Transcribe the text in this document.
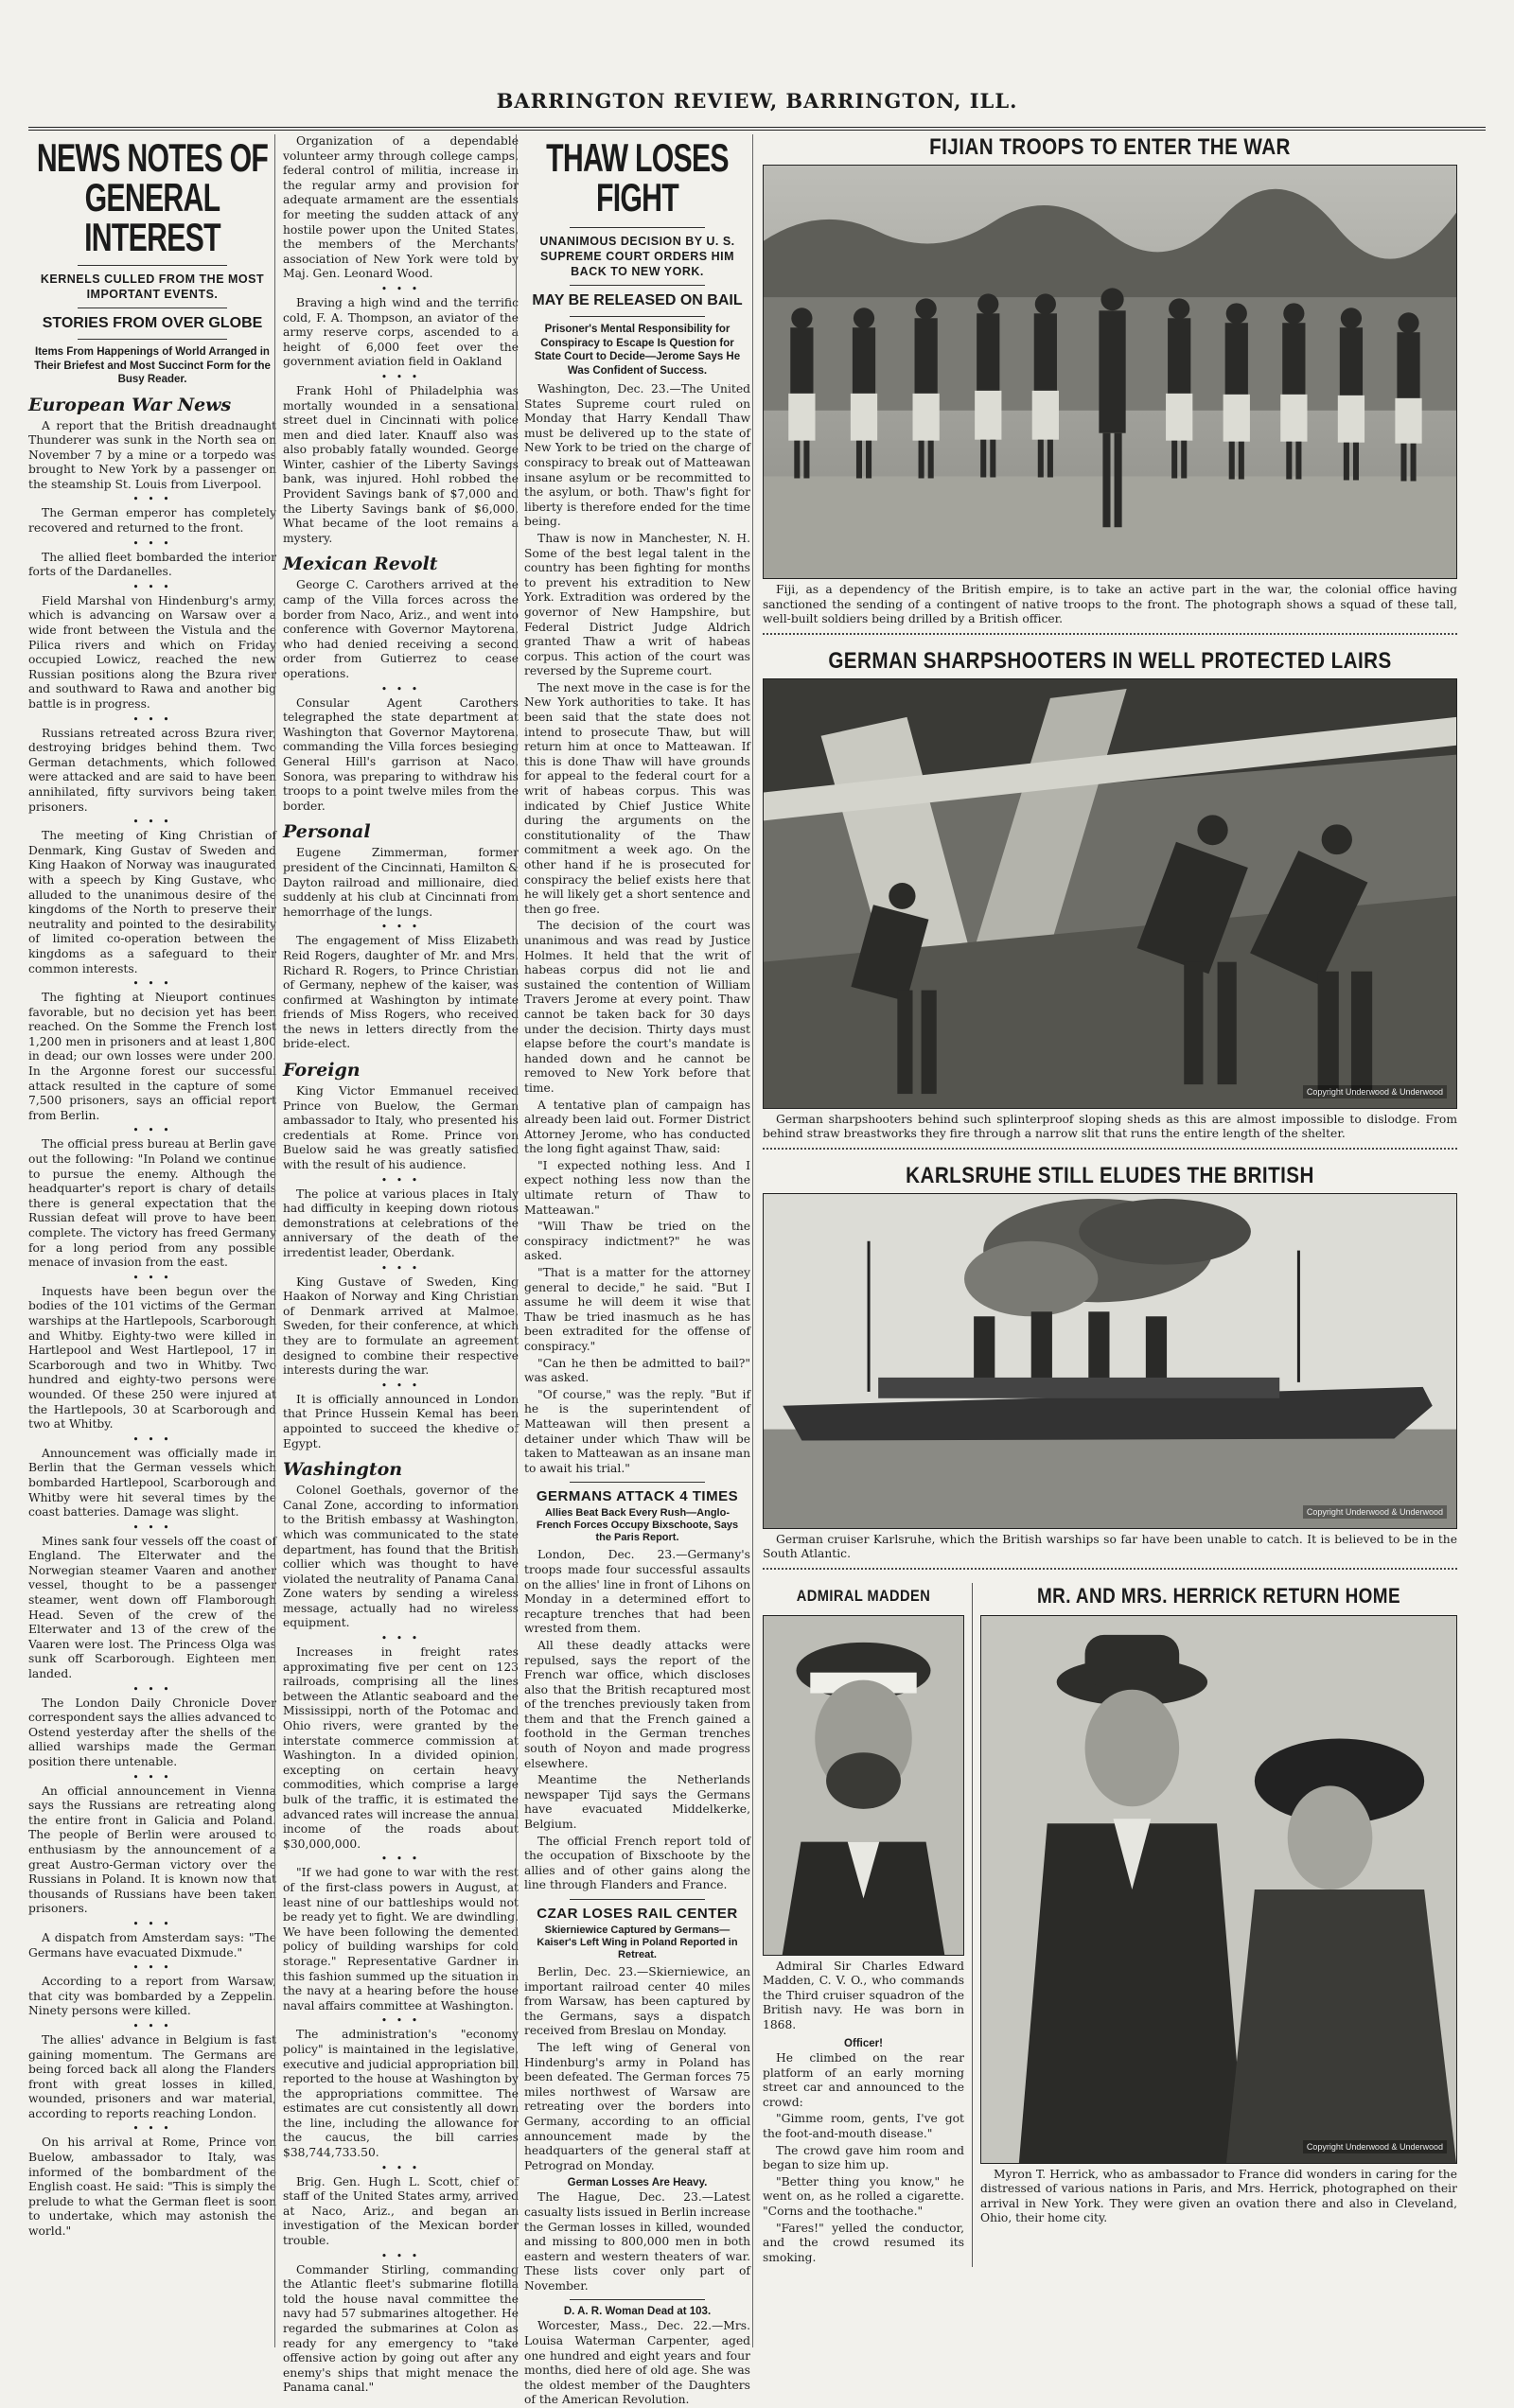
BARRINGTON REVIEW, BARRINGTON, ILL.
NEWS NOTES OF GENERAL INTEREST
KERNELS CULLED FROM THE MOST IMPORTANT EVENTS.
STORIES FROM OVER GLOBE
Items From Happenings of World Arranged in Their Briefest and Most Succinct Form for the Busy Reader.
European War News
A report that the British dreadnaught Thunderer was sunk in the North sea on November 7 by a mine or a torpedo was brought to New York by a passenger on the steamship St. Louis from Liverpool.
• • •
The German emperor has completely recovered and returned to the front.
• • •
The allied fleet bombarded the interior forts of the Dardanelles.
• • •
Field Marshal von Hindenburg's army, which is advancing on Warsaw over a wide front between the Vistula and the Pilica rivers and which on Friday occupied Lowicz, reached the new Russian positions along the Bzura river and southward to Rawa and another big battle is in progress.
• • •
Russians retreated across Bzura river, destroying bridges behind them. Two German detachments, which followed were attacked and are said to have been annihilated, fifty survivors being taken prisoners.
• • •
The meeting of King Christian of Denmark, King Gustav of Sweden and King Haakon of Norway was inaugurated with a speech by King Gustave, who alluded to the unanimous desire of the kingdoms of the North to preserve their neutrality and pointed to the desirability of limited co-operation between the kingdoms as a safeguard to their common interests.
• • •
The fighting at Nieuport continues favorable, but no decision yet has been reached. On the Somme the French lost 1,200 men in prisoners and at least 1,800 in dead; our own losses were under 200. In the Argonne forest our successful attack resulted in the capture of some 7,500 prisoners, says an official report from Berlin.
• • •
The official press bureau at Berlin gave out the following: "In Poland we continue to pursue the enemy. Although the headquarter's report is chary of details there is general expectation that the Russian defeat will prove to have been complete. The victory has freed Germany for a long period from any possible menace of invasion from the east.
• • •
Inquests have been begun over the bodies of the 101 victims of the German warships at the Hartlepools, Scarborough and Whitby. Eighty-two were killed in Hartlepool and West Hartlepool, 17 in Scarborough and two in Whitby. Two hundred and eighty-two persons were wounded. Of these 250 were injured at the Hartlepools, 30 at Scarborough and two at Whitby.
• • •
Announcement was officially made in Berlin that the German vessels which bombarded Hartlepool, Scarborough and Whitby were hit several times by the coast batteries. Damage was slight.
• • •
Mines sank four vessels off the coast of England. The Elterwater and the Norwegian steamer Vaaren and another vessel, thought to be a passenger steamer, went down off Flamborough Head. Seven of the crew of the Elterwater and 13 of the crew of the Vaaren were lost. The Princess Olga was sunk off Scarborough. Eighteen men landed.
• • •
The London Daily Chronicle Dover correspondent says the allies advanced to Ostend yesterday after the shells of the allied warships made the German position there untenable.
• • •
An official announcement in Vienna says the Russians are retreating along the entire front in Galicia and Poland. The people of Berlin were aroused to enthusiasm by the announcement of a great Austro-German victory over the Russians in Poland. It is known now that thousands of Russians have been taken prisoners.
• • •
A dispatch from Amsterdam says: "The Germans have evacuated Dixmude."
• • •
According to a report from Warsaw, that city was bombarded by a Zeppelin. Ninety persons were killed.
• • •
The allies' advance in Belgium is fast gaining momentum. The Germans are being forced back all along the Flanders front with great losses in killed, wounded, prisoners and war material, according to reports reaching London.
• • •
On his arrival at Rome, Prince von Buelow, ambassador to Italy, was informed of the bombardment of the English coast. He said: "This is simply the prelude to what the German fleet is soon to undertake, which may astonish the world."
Organization of a dependable volunteer army through college camps, federal control of militia, increase in the regular army and provision for adequate armament are the essentials for meeting the sudden attack of any hostile power upon the United States, the members of the Merchants' association of New York were told by Maj. Gen. Leonard Wood.
• • •
Braving a high wind and the terrific cold, F. A. Thompson, an aviator of the army reserve corps, ascended to a height of 6,000 feet over the government aviation field in Oakland
• • •
Frank Hohl of Philadelphia was mortally wounded in a sensational street duel in Cincinnati with police men and died later. Knauff also was also probably fatally wounded. George Winter, cashier of the Liberty Savings bank, was injured. Hohl robbed the Provident Savings bank of $7,000 and the Liberty Savings bank of $6,000. What became of the loot remains a mystery.
Mexican Revolt
George C. Carothers arrived at the camp of the Villa forces across the border from Naco, Ariz., and went into conference with Governor Maytorena, who had denied receiving a second order from Gutierrez to cease operations.
• • •
Consular Agent Carothers telegraphed the state department at Washington that Governor Maytorena, commanding the Villa forces besieging General Hill's garrison at Naco, Sonora, was preparing to withdraw his troops to a point twelve miles from the border.
Personal
Eugene Zimmerman, former president of the Cincinnati, Hamilton & Dayton railroad and millionaire, died suddenly at his club at Cincinnati from hemorrhage of the lungs.
• • •
The engagement of Miss Elizabeth Reid Rogers, daughter of Mr. and Mrs. Richard R. Rogers, to Prince Christian of Germany, nephew of the kaiser, was confirmed at Washington by intimate friends of Miss Rogers, who received the news in letters directly from the bride-elect.
Foreign
King Victor Emmanuel received Prince von Buelow, the German ambassador to Italy, who presented his credentials at Rome. Prince von Buelow said he was greatly satisfied with the result of his audience.
• • •
The police at various places in Italy had difficulty in keeping down riotous demonstrations at celebrations of the anniversary of the death of the irredentist leader, Oberdank.
• • •
King Gustave of Sweden, King Haakon of Norway and King Christian of Denmark arrived at Malmoe, Sweden, for their conference, at which they are to formulate an agreement designed to combine their respective interests during the war.
• • •
It is officially announced in London that Prince Hussein Kemal has been appointed to succeed the khedive of Egypt.
Washington
Colonel Goethals, governor of the Canal Zone, according to information to the British embassy at Washington, which was communicated to the state department, has found that the British collier which was thought to have violated the neutrality of Panama Canal Zone waters by sending a wireless message, actually had no wireless equipment.
• • •
Increases in freight rates approximating five per cent on 123 railroads, comprising all the lines between the Atlantic seaboard and the Mississippi, north of the Potomac and Ohio rivers, were granted by the interstate commerce commission at Washington. In a divided opinion, excepting on certain heavy commodities, which comprise a large bulk of the traffic, it is estimated the advanced rates will increase the annual income of the roads about $30,000,000.
• • •
"If we had gone to war with the rest of the first-class powers in August, at least nine of our battleships would not be ready yet to fight. We are dwindling. We have been following the demented policy of building warships for cold storage." Representative Gardner in this fashion summed up the situation in the navy at a hearing before the house naval affairs committee at Washington.
• • •
The administration's "economy policy" is maintained in the legislative, executive and judicial appropriation bill reported to the house at Washington by the appropriations committee. The estimates are cut consistently all down the line, including the allowance for the caucus, the bill carries $38,744,733.50.
• • •
Brig. Gen. Hugh L. Scott, chief of staff of the United States army, arrived at Naco, Ariz., and began an investigation of the Mexican border trouble.
• • •
Commander Stirling, commanding the Atlantic fleet's submarine flotilla told the house naval committee the navy had 57 submarines altogether. He regarded the submarines at Colon as ready for any emergency to "take offensive action by going out after any enemy's ships that might menace the Panama canal."
THAW LOSES FIGHT
UNANIMOUS DECISION BY U. S. SUPREME COURT ORDERS HIM BACK TO NEW YORK.
MAY BE RELEASED ON BAIL
Prisoner's Mental Responsibility for Conspiracy to Escape Is Question for State Court to Decide—Jerome Says He Was Confident of Success.
Washington, Dec. 23.—The United States Supreme court ruled on Monday that Harry Kendall Thaw must be delivered up to the state of New York to be tried on the charge of conspiracy to break out of Matteawan insane asylum or be recommitted to the asylum, or both. Thaw's fight for liberty is therefore ended for the time being.
Thaw is now in Manchester, N. H. Some of the best legal talent in the country has been fighting for months to prevent his extradition to New York. Extradition was ordered by the governor of New Hampshire, but Federal District Judge Aldrich granted Thaw a writ of habeas corpus. This action of the court was reversed by the Supreme court.
The next move in the case is for the New York authorities to take. It has been said that the state does not intend to prosecute Thaw, but will return him at once to Matteawan. If this is done Thaw will have grounds for appeal to the federal court for a writ of habeas corpus. This was indicated by Chief Justice White during the arguments on the constitutionality of the Thaw commitment a week ago. On the other hand if he is prosecuted for conspiracy the belief exists here that he will likely get a short sentence and then go free.
The decision of the court was unanimous and was read by Justice Holmes. It held that the writ of habeas corpus did not lie and sustained the contention of William Travers Jerome at every point. Thaw cannot be taken back for 30 days under the decision. Thirty days must elapse before the court's mandate is handed down and he cannot be removed to New York before that time.
A tentative plan of campaign has already been laid out. Former District Attorney Jerome, who has conducted the long fight against Thaw, said:
"I expected nothing less. And I expect nothing less now than the ultimate return of Thaw to Matteawan."
"Will Thaw be tried on the conspiracy indictment?" he was asked.
"That is a matter for the attorney general to decide," he said. "But I assume he will deem it wise that Thaw be tried inasmuch as he has been extradited for the offense of conspiracy."
"Can he then be admitted to bail?" was asked.
"Of course," was the reply. "But if he is the superintendent of Matteawan will then present a detainer under which Thaw will be taken to Matteawan as an insane man to await his trial."
GERMANS ATTACK 4 TIMES
Allies Beat Back Every Rush—Anglo-French Forces Occupy Bixschoote, Says the Paris Report.
London, Dec. 23.—Germany's troops made four successful assaults on the allies' line in front of Lihons on Monday in a determined effort to recapture trenches that had been wrested from them.
All these deadly attacks were repulsed, says the report of the French war office, which discloses also that the British recaptured most of the trenches previously taken from them and that the French gained a foothold in the German trenches south of Noyon and made progress elsewhere.
Meantime the Netherlands newspaper Tijd says the Germans have evacuated Middelkerke, Belgium.
The official French report told of the occupation of Bixschoote by the allies and of other gains along the line through Flanders and France.
CZAR LOSES RAIL CENTER
Skierniewice Captured by Germans—Kaiser's Left Wing in Poland Reported in Retreat.
Berlin, Dec. 23.—Skierniewice, an important railroad center 40 miles from Warsaw, has been captured by the Germans, says a dispatch received from Breslau on Monday.
The left wing of General von Hindenburg's army in Poland has been defeated. The German forces 75 miles northwest of Warsaw are retreating over the borders into Germany, according to an official announcement made by the headquarters of the general staff at Petrograd on Monday.
German Losses Are Heavy.
The Hague, Dec. 23.—Latest casualty lists issued in Berlin increase the German losses in killed, wounded and missing to 800,000 men in both eastern and western theaters of war. These lists cover only part of November.
D. A. R. Woman Dead at 103.
Worcester, Mass., Dec. 22.—Mrs. Louisa Waterman Carpenter, aged one hundred and eight years and four months, died here of old age. She was the oldest member of the Daughters of the American Revolution.
FIJIAN TROOPS TO ENTER THE WAR
Fiji, as a dependency of the British empire, is to take an active part in the war, the colonial office having sanctioned the sending of a contingent of native troops to the front. The photograph shows a squad of these tall, well-built soldiers being drilled by a British officer.
GERMAN SHARPSHOOTERS IN WELL PROTECTED LAIRS
Copyright Underwood & Underwood
German sharpshooters behind such splinterproof sloping sheds as this are almost impossible to dislodge. From behind straw breastworks they fire through a narrow slit that runs the entire length of the shelter.
KARLSRUHE STILL ELUDES THE BRITISH
Copyright Underwood & Underwood
German cruiser Karlsruhe, which the British warships so far have been unable to catch. It is believed to be in the South Atlantic.
ADMIRAL MADDEN
Admiral Sir Charles Edward Madden, C. V. O., who commands the Third cruiser squadron of the British navy. He was born in 1868.
Officer!
He climbed on the rear platform of an early morning street car and announced to the crowd:
"Gimme room, gents, I've got the foot-and-mouth disease."
The crowd gave him room and began to size him up.
"Better thing you know," he went on, as he rolled a cigarette. "Corns and the toothache."
"Fares!" yelled the conductor, and the crowd resumed its smoking.
MR. AND MRS. HERRICK RETURN HOME
Copyright Underwood & Underwood
Myron T. Herrick, who as ambassador to France did wonders in caring for the distressed of various nations in Paris, and Mrs. Herrick, photographed on their arrival in New York. They were given an ovation there and also in Cleveland, Ohio, their home city.
